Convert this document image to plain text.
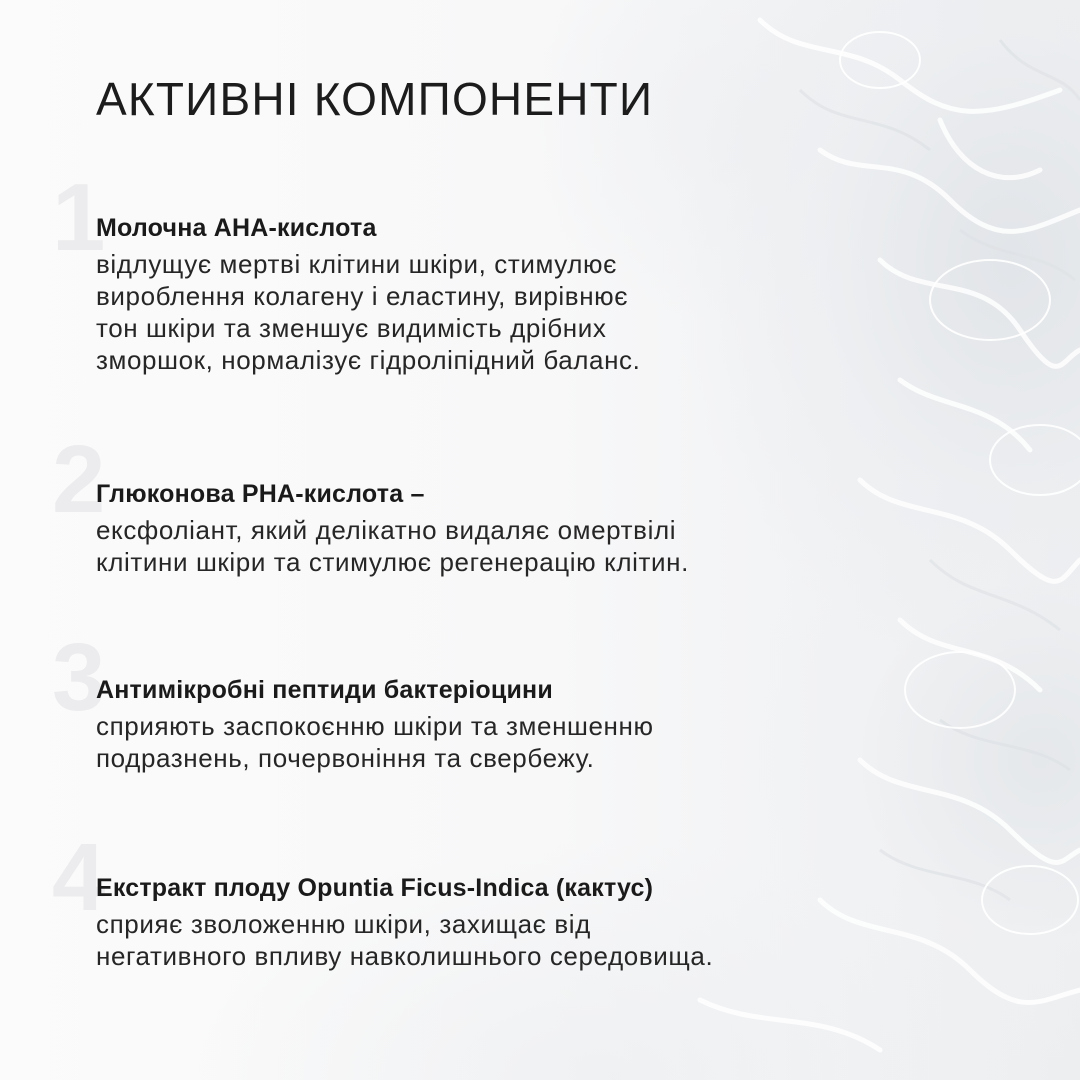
АКТИВНІ КОМПОНЕНТИ
1
Молочна АНА-кислота
відлущує мертві клітини шкіри, стимулює
вироблення колагену і еластину, вирівнює
тон шкіри та зменшує видимість дрібних
зморшок, нормалізує гідроліпідний баланс.
2
Глюконова PHA-кислота –
ексфоліант, який делікатно видаляє омертвілі
клітини шкіри та стимулює регенерацію клітин.
3
Антимікробні пептиди бактеріоцини
сприяють заспокоєнню шкіри та зменшенню
подразнень, почервоніння та свербежу.
4
Екстракт плоду Opuntia Ficus-Indica (кактус)
сприяє зволоженню шкіри, захищає від
негативного впливу навколишнього середовища.
